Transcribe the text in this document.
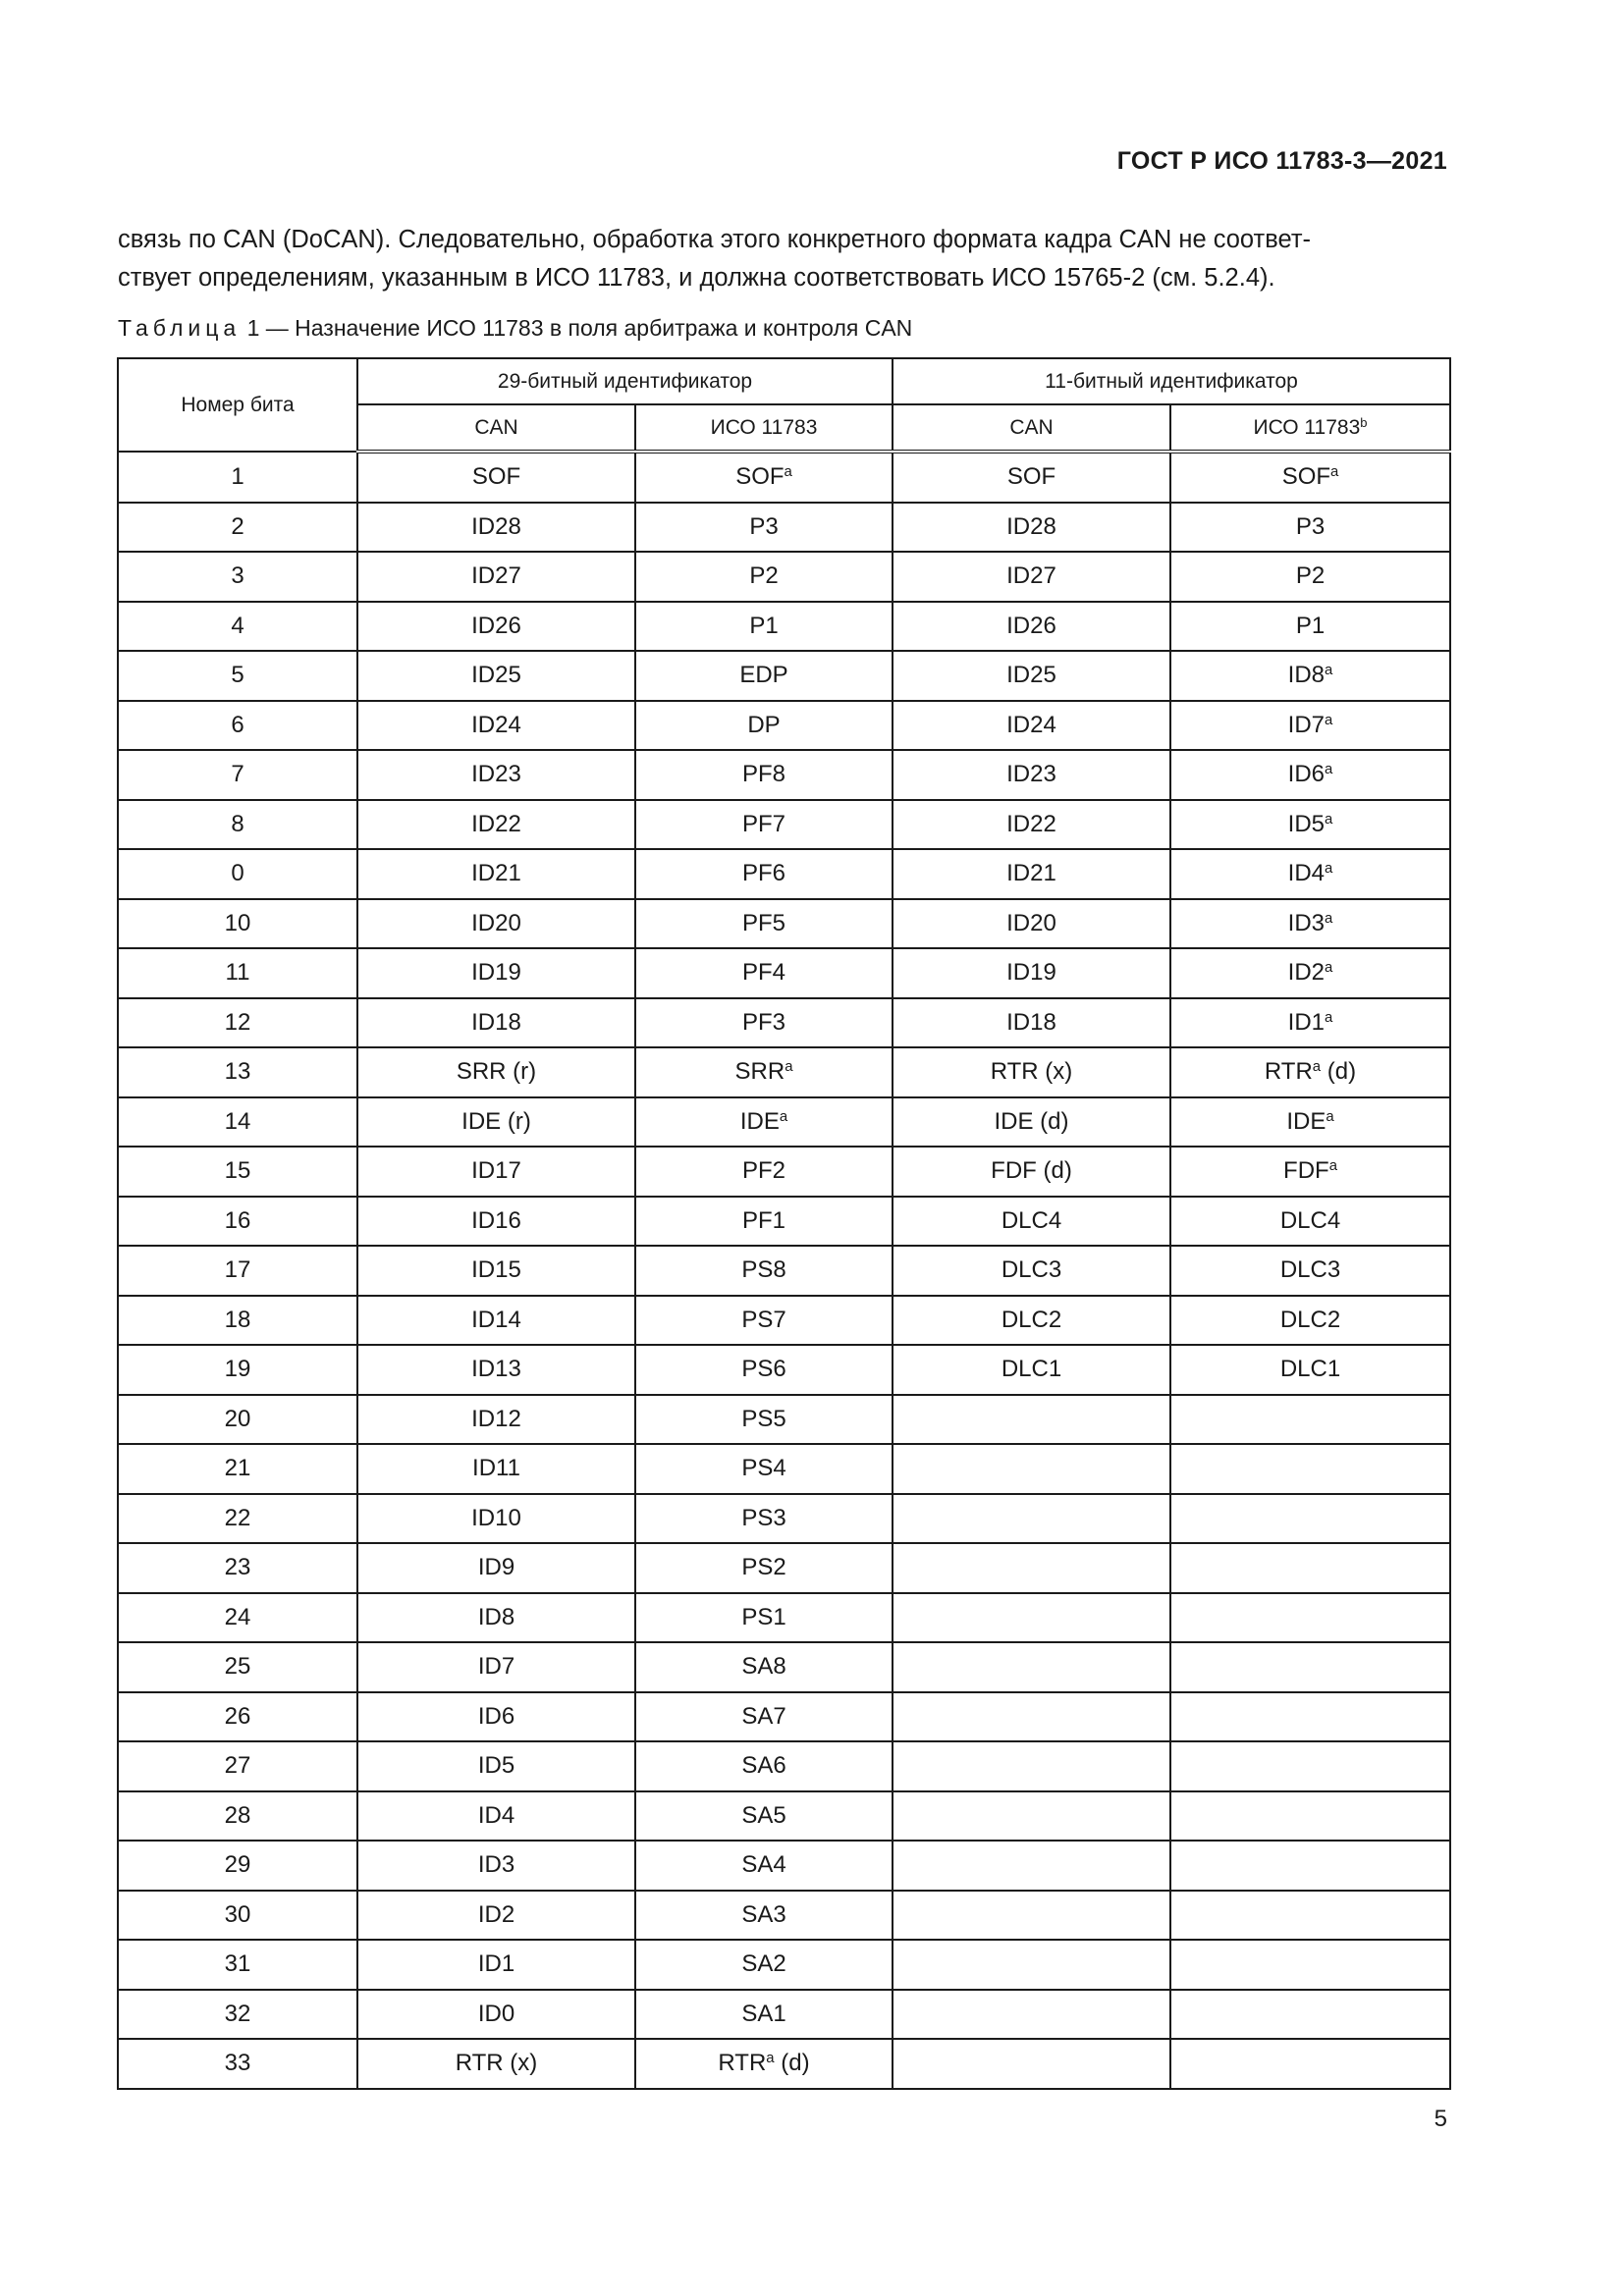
ГОСТ Р ИСО 11783-3—2021
связь по CAN (DoCAN). Следовательно, обработка этого конкретного формата кадра CAN не соответ-
ствует определениям, указанным в ИСО 11783, и должна соответствовать ИСО 15765-2 (см. 5.2.4).
Таблица 1 — Назначение ИСО 11783 в поля арбитража и контроля CAN
Номер бита	29-битный идентификатор		11-битный идентификатор	
	CAN	ИСО 11783	CAN	ИСО 11783$^b$
1	SOF	SOF$^a$	SOF	SOF$^a$
2	ID28	P3	ID28	P3
3	ID27	P2	ID27	P2
4	ID26	P1	ID26	P1
5	ID25	EDP	ID25	ID8$^a$
6	ID24	DP	ID24	ID7$^a$
7	ID23	PF8	ID23	ID6$^a$
8	ID22	PF7	ID22	ID5$^a$
0	ID21	PF6	ID21	ID4$^a$
10	ID20	PF5	ID20	ID3$^a$
11	ID19	PF4	ID19	ID2$^a$
12	ID18	PF3	ID18	ID1$^a$
13	SRR (r)	SRR$^a$	RTR (x)	RTR$^a$ (d)
14	IDE (r)	IDE$^a$	IDE (d)	IDE$^a$
15	ID17	PF2	FDF (d)	FDF$^a$
16	ID16	PF1	DLC4	DLC4
17	ID15	PS8	DLC3	DLC3
18	ID14	PS7	DLC2	DLC2
19	ID13	PS6	DLC1	DLC1
20	ID12	PS5		
21	ID11	PS4		
22	ID10	PS3		
23	ID9	PS2		
24	ID8	PS1		
25	ID7	SA8		
26	ID6	SA7		
27	ID5	SA6		
28	ID4	SA5		
29	ID3	SA4		
30	ID2	SA3		
31	ID1	SA2		
32	ID0	SA1		
33	RTR (x)	RTR$^a$ (d)		
5
